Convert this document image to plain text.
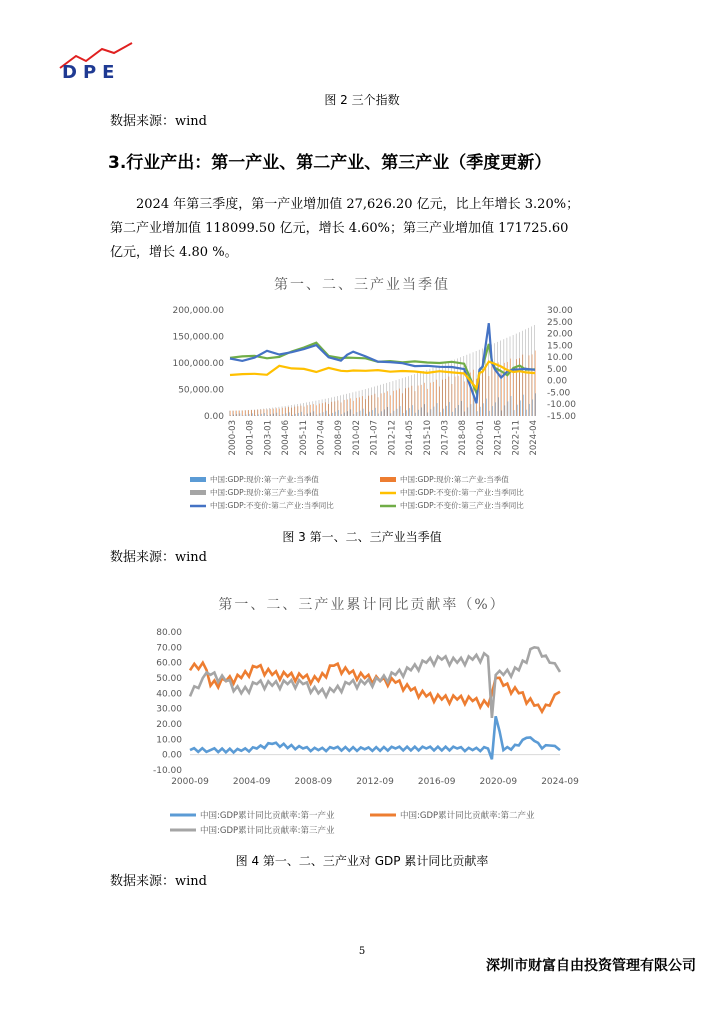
DPE
图 2 三个指数
数据来源：wind
3.行业产出：第一产业、第二产业、第三产业（季度更新）
2024 年第三季度，第一产业增加值 27,626.20 亿元，比上年增长 3.20%；
第二产业增加值 118099.50 亿元，增长 4.60%；第三产业增加值 171725.60
亿元，增长 4.80 %。
第一、二、三产业当季值
0.00
50,000.00
100,000.00
150,000.00
200,000.00
-15.00
-10.00
-5.00
0.00
5.00
10.00
15.00
20.00
25.00
30.00
2000-03 2001-08 2003-01 2004-06 2005-11 2007-04 2008-09 2010-02 2011-07 2012-12 2014-05 2015-10 2017-03 2018-08 2020-01 2021-06 2022-11 2024-04
中国:GDP:现价:第一产业:当季值	中国:GDP:现价:第二产业:当季值
中国:GDP:现价:第三产业:当季值	中国:GDP:不变价:第一产业:当季同比
中国:GDP:不变价:第二产业:当季同比	中国:GDP:不变价:第三产业:当季同比
图 3 第一、二、三产业当季值
数据来源：wind
第一、二、三产业累计同比贡献率（%）
-10.00
0.00
10.00
20.00
30.00
40.00
50.00
60.00
70.00
80.00
2000-09	2004-09	2008-09	2012-09	2016-09	2020-09	2024-09
中国:GDP累计同比贡献率:第一产业	中国:GDP累计同比贡献率:第二产业
中国:GDP累计同比贡献率:第三产业
图 4 第一、二、三产业对 GDP 累计同比贡献率
数据来源：wind
5
深圳市财富自由投资管理有限公司
